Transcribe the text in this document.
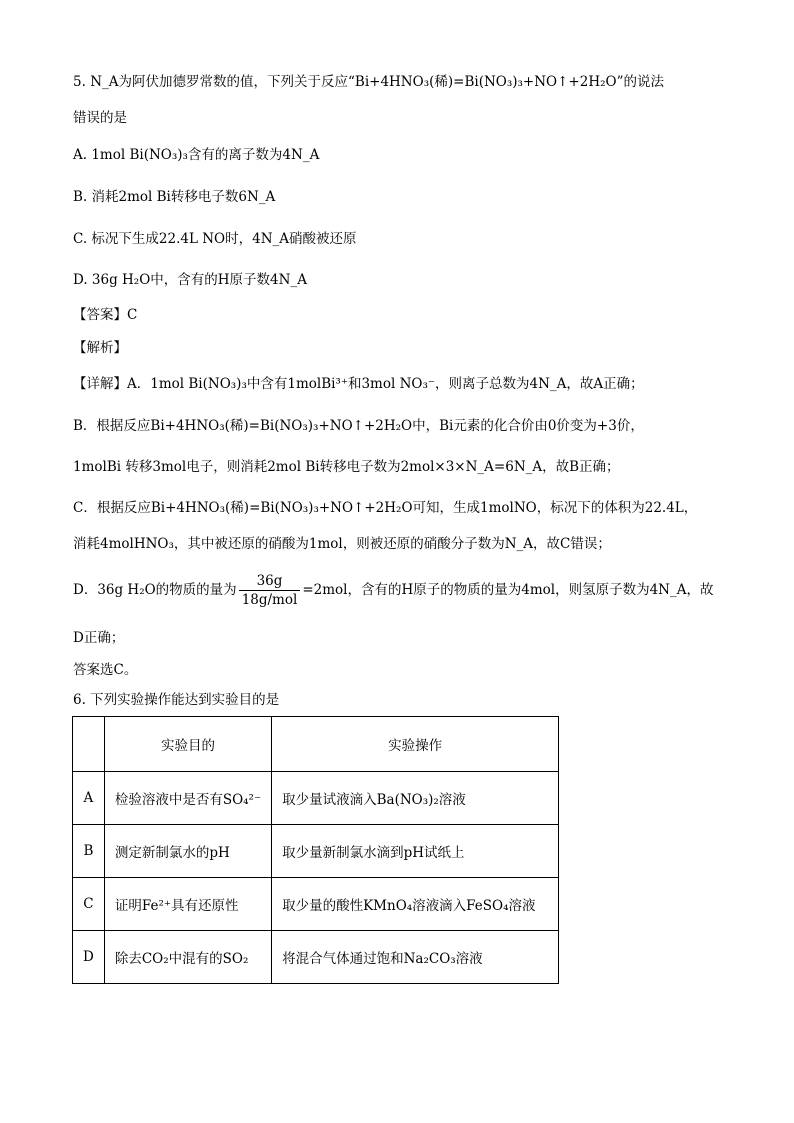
5. N_A为阿伏加德罗常数的值，下列关于反应“Bi+4HNO₃(稀)=Bi(NO₃)₃+NO↑+2H₂O”的说法
错误的是
A. 1mol Bi(NO₃)₃含有的离子数为4N_A
B. 消耗2mol Bi转移电子数6N_A
C. 标况下生成22.4L NO时，4N_A硝酸被还原
D. 36g H₂O中，含有的H原子数4N_A
【答案】C
【解析】
【详解】A．1mol Bi(NO₃)₃中含有1molBi³⁺和3mol NO₃⁻，则离子总数为4N_A，故A正确；
B．根据反应Bi+4HNO₃(稀)=Bi(NO₃)₃+NO↑+2H₂O中，Bi元素的化合价由0价变为+3价，
1molBi 转移3mol电子，则消耗2mol Bi转移电子数为2mol×3×N_A=6N_A，故B正确；
C．根据反应Bi+4HNO₃(稀)=Bi(NO₃)₃+NO↑+2H₂O可知，生成1molNO，标况下的体积为22.4L，
消耗4molHNO₃，其中被还原的硝酸为1mol，则被还原的硝酸分子数为N_A，故C错误；
D．36g H₂O的物质的量为 $\frac{36g}{\text{18g/mol}} =2mol$，含有的H原子的物质的量为4mol，则氢原子数为4N_A，故
D正确；
答案选C。
6. 下列实验操作能达到实验目的是
	实验目的	实验操作
A	检验溶液中是否有SO₄²⁻	取少量试液滴入Ba(NO₃)₂溶液
B	测定新制氯水的pH	取少量新制氯水滴到pH试纸上
C	证明Fe²⁺具有还原性	取少量的酸性KMnO₄溶液滴入FeSO₄溶液
D	除去CO₂中混有的SO₂	将混合气体通过饱和Na₂CO₃溶液
